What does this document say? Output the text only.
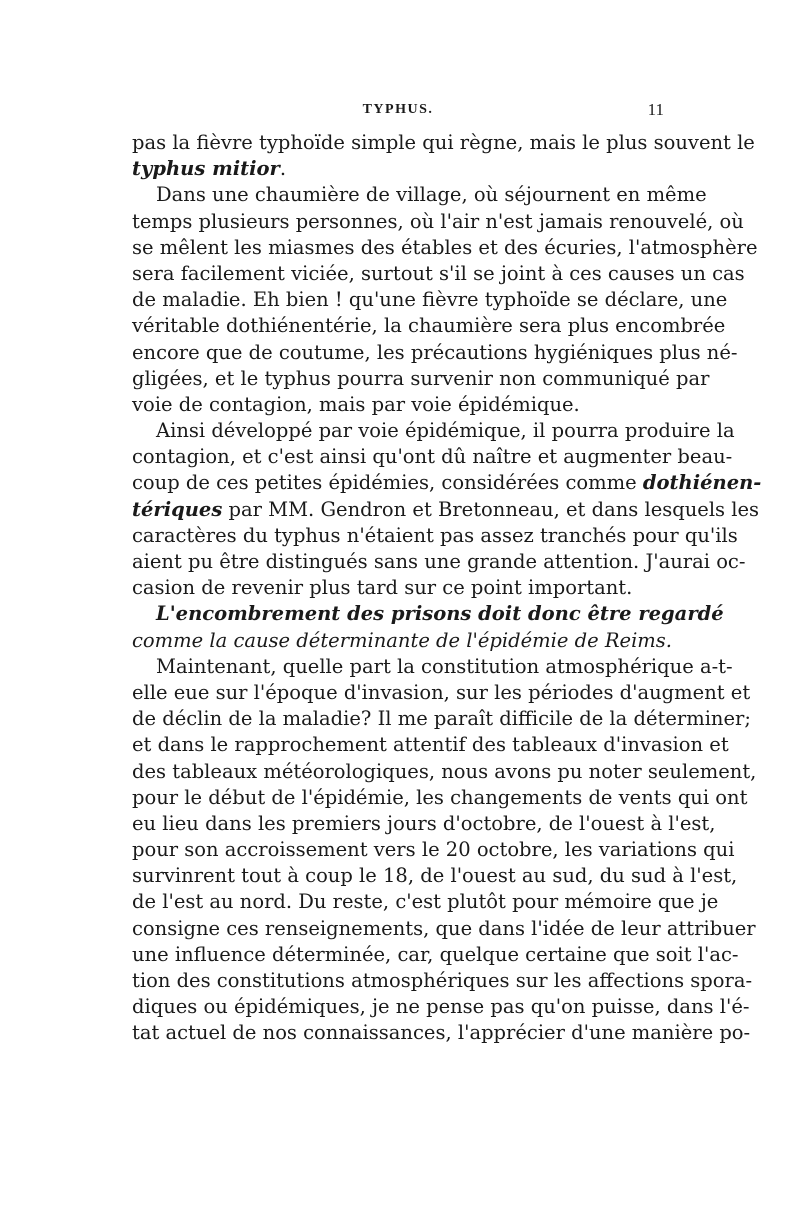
TYPHUS.	11
pas la fièvre typhoïde simple qui règne, mais le plus souvent le
typhus mitior.
Dans une chaumière de village, où séjournent en même
temps plusieurs personnes, où l'air n'est jamais renouvelé, où
se mêlent les miasmes des étables et des écuries, l'atmosphère
sera facilement viciée, surtout s'il se joint à ces causes un cas
de maladie. Eh bien ! qu'une fièvre typhoïde se déclare, une
véritable dothiénentérie, la chaumière sera plus encombrée
encore que de coutume, les précautions hygiéniques plus né-
gligées, et le typhus pourra survenir non communiqué par
voie de contagion, mais par voie épidémique.
Ainsi développé par voie épidémique, il pourra produire la
contagion, et c'est ainsi qu'ont dû naître et augmenter beau-
coup de ces petites épidémies, considérées comme dothiénen-
tériques par MM. Gendron et Bretonneau, et dans lesquels les
caractères du typhus n'étaient pas assez tranchés pour qu'ils
aient pu être distingués sans une grande attention. J'aurai oc-
casion de revenir plus tard sur ce point important.
L'encombrement des prisons doit donc être regardé
comme la cause déterminante de l'épidémie de Reims.
Maintenant, quelle part la constitution atmosphérique a-t-
elle eue sur l'époque d'invasion, sur les périodes d'augment et
de déclin de la maladie? Il me paraît difficile de la déterminer;
et dans le rapprochement attentif des tableaux d'invasion et
des tableaux météorologiques, nous avons pu noter seulement,
pour le début de l'épidémie, les changements de vents qui ont
eu lieu dans les premiers jours d'octobre, de l'ouest à l'est,
pour son accroissement vers le 20 octobre, les variations qui
survinrent tout à coup le 18, de l'ouest au sud, du sud à l'est,
de l'est au nord. Du reste, c'est plutôt pour mémoire que je
consigne ces renseignements, que dans l'idée de leur attribuer
une influence déterminée, car, quelque certaine que soit l'ac-
tion des constitutions atmosphériques sur les affections spora-
diques ou épidémiques, je ne pense pas qu'on puisse, dans l'é-
tat actuel de nos connaissances, l'apprécier d'une manière po-
